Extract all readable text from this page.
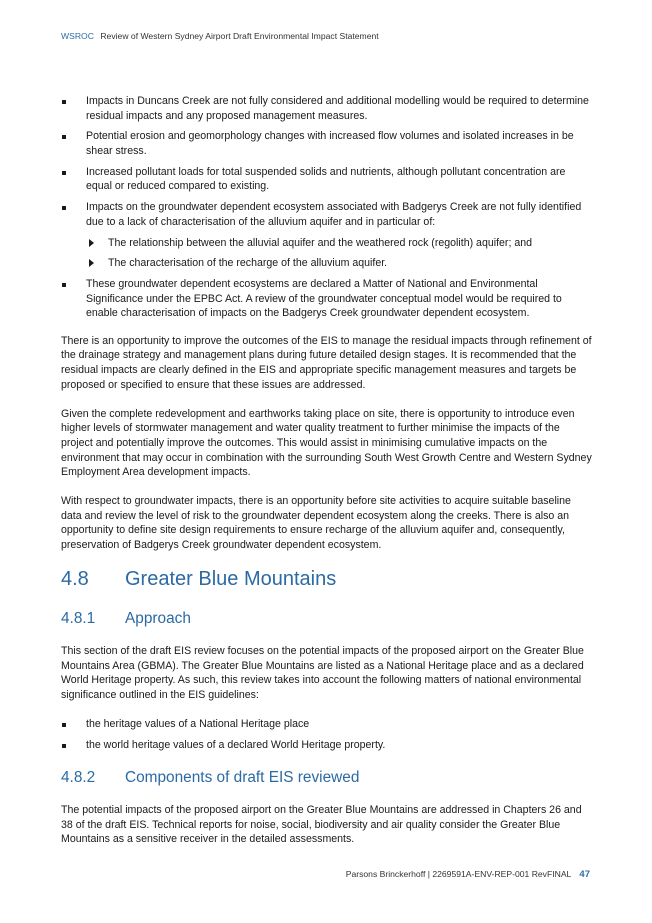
WSROC Review of Western Sydney Airport Draft Environmental Impact Statement
Impacts in Duncans Creek are not fully considered and additional modelling would be required to determine residual impacts and any proposed management measures.
Potential erosion and geomorphology changes with increased flow volumes and isolated increases in be shear stress.
Increased pollutant loads for total suspended solids and nutrients, although pollutant concentration are equal or reduced compared to existing.
Impacts on the groundwater dependent ecosystem associated with Badgerys Creek are not fully identified due to a lack of characterisation of the alluvium aquifer and in particular of:
The relationship between the alluvial aquifer and the weathered rock (regolith) aquifer; and
The characterisation of the recharge of the alluvium aquifer.
These groundwater dependent ecosystems are declared a Matter of National and Environmental Significance under the EPBC Act. A review of the groundwater conceptual model would be required to enable characterisation of impacts on the Badgerys Creek groundwater dependent ecosystem.

There is an opportunity to improve the outcomes of the EIS to manage the residual impacts through refinement of the drainage strategy and management plans during future detailed design stages. It is recommended that the residual impacts are clearly defined in the EIS and appropriate specific management measures and targets be proposed or specified to ensure that these issues are addressed.

Given the complete redevelopment and earthworks taking place on site, there is opportunity to introduce even higher levels of stormwater management and water quality treatment to further minimise the impacts of the project and potentially improve the outcomes. This would assist in minimising cumulative impacts on the environment that may occur in combination with the surrounding South West Growth Centre and Western Sydney Employment Area development impacts.

With respect to groundwater impacts, there is an opportunity before site activities to acquire suitable baseline data and review the level of risk to the groundwater dependent ecosystem along the creeks. There is also an opportunity to define site design requirements to ensure recharge of the alluvium aquifer and, consequently, preservation of Badgerys Creek groundwater dependent ecosystem.

4.8	Greater Blue Mountains
4.8.1	Approach

This section of the draft EIS review focuses on the potential impacts of the proposed airport on the Greater Blue Mountains Area (GBMA). The Greater Blue Mountains are listed as a National Heritage place and as a declared World Heritage property. As such, this review takes into account the following matters of national environmental significance outlined in the EIS guidelines:

the heritage values of a National Heritage place
the world heritage values of a declared World Heritage property.
4.8.2	Components of draft EIS reviewed

The potential impacts of the proposed airport on the Greater Blue Mountains are addressed in Chapters 26 and 38 of the draft EIS. Technical reports for noise, social, biodiversity and air quality consider the Greater Blue Mountains as a sensitive receiver in the detailed assessments.

Parsons Brinckerhoff | 2269591A-ENV-REP-001 RevFINAL 47
